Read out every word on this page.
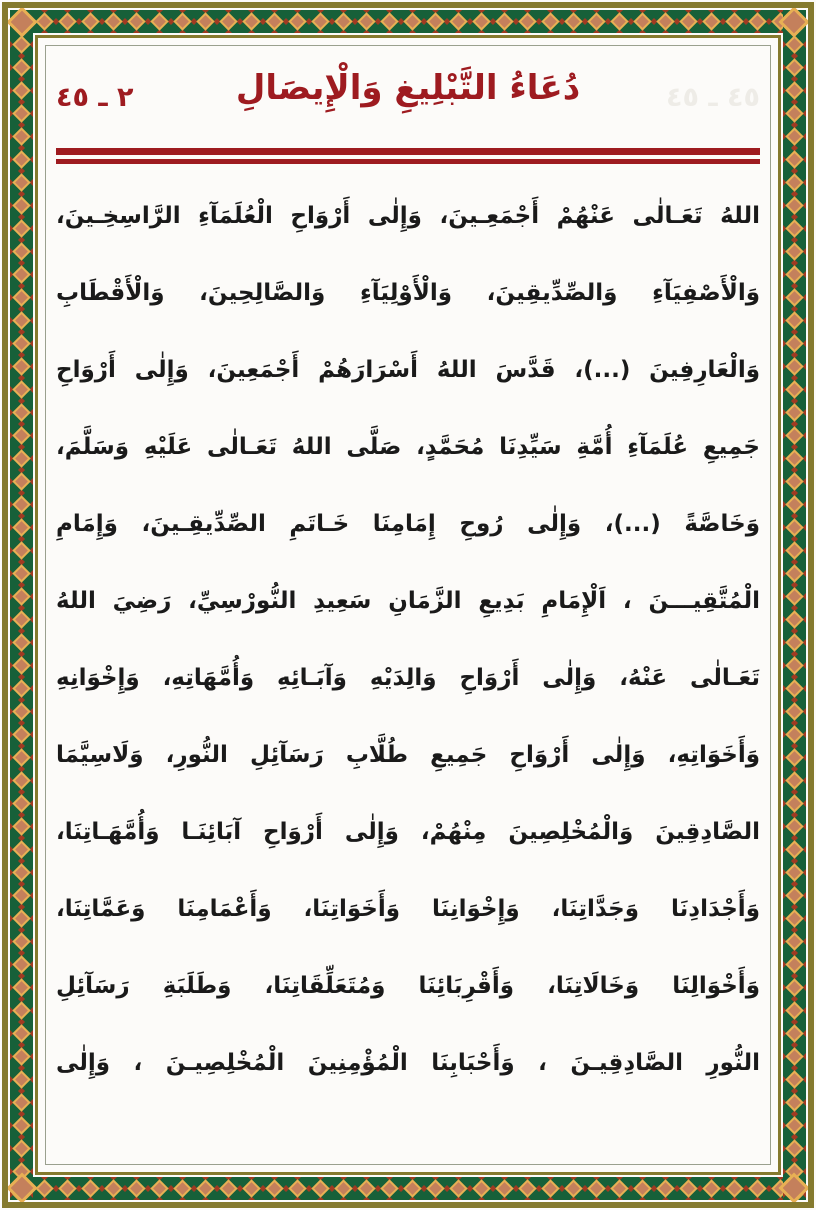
٢ ـ ٤٥	دُعَاءُ التَّبْلِيغِ وَالْإِيصَالِ	٤٥ ـ ٤٥
اللهُ تَعَـالٰى عَنْهُمْ أَجْمَعِـينَ، وَإِلٰى أَرْوَاحِ الْعُلَمَآءِ الرَّاسِخِـينَ،
وَالْأَصْفِيَآءِ وَالصِّدِّيقِينَ، وَالْأَوْلِيَآءِ وَالصَّالِحِينَ، وَالْأَقْطَابِ
وَالْعَارِفِينَ (...)، قَدَّسَ اللهُ أَسْرَارَهُمْ أَجْمَعِينَ، وَإِلٰى أَرْوَاحِ
جَمِيعِ عُلَمَآءِ أُمَّةِ سَيِّدِنَا مُحَمَّدٍ، صَلَّى اللهُ تَعَـالٰى عَلَيْهِ وَسَلَّمَ،
وَخَاصَّةً (...)، وَإِلٰى رُوحِ إِمَامِنَا خَـاتَمِ الصِّدِّيقِـينَ، وَإِمَامِ
الْمُتَّقِيـــنَ ، اَلْإِمَامِ بَدِيعِ الزَّمَانِ سَعِيدِ النُّورْسِيِّ، رَضِيَ اللهُ
تَعَـالٰى عَنْهُ، وَإِلٰى أَرْوَاحِ وَالِدَيْهِ وَآبَـائِهِ وَأُمَّهَاتِهِ، وَإِخْوَانِهِ
وَأَخَوَاتِهِ، وَإِلٰى أَرْوَاحِ جَمِيعِ طُلَّابِ رَسَآئِلِ النُّورِ، وَلَاسِيَّمَا
الصَّادِقِينَ وَالْمُخْلِصِينَ مِنْهُمْ، وَإِلٰى أَرْوَاحِ آبَائِنَـا وَأُمَّهَـاتِنَا،
وَأَجْدَادِنَا وَجَدَّاتِنَا، وَإِخْوَانِنَا وَأَخَوَاتِنَا، وَأَعْمَامِنَا وَعَمَّاتِنَا،
وَأَخْوَالِنَا وَخَالَاتِنَا، وَأَقْرِبَائِنَا وَمُتَعَلِّقَاتِنَا، وَطَلَبَةِ رَسَآئِلِ
النُّورِ الصَّادِقِيـنَ ، وَأَحْبَابِنَا الْمُؤْمِنِينَ الْمُخْلِصِيـنَ ، وَإِلٰى
